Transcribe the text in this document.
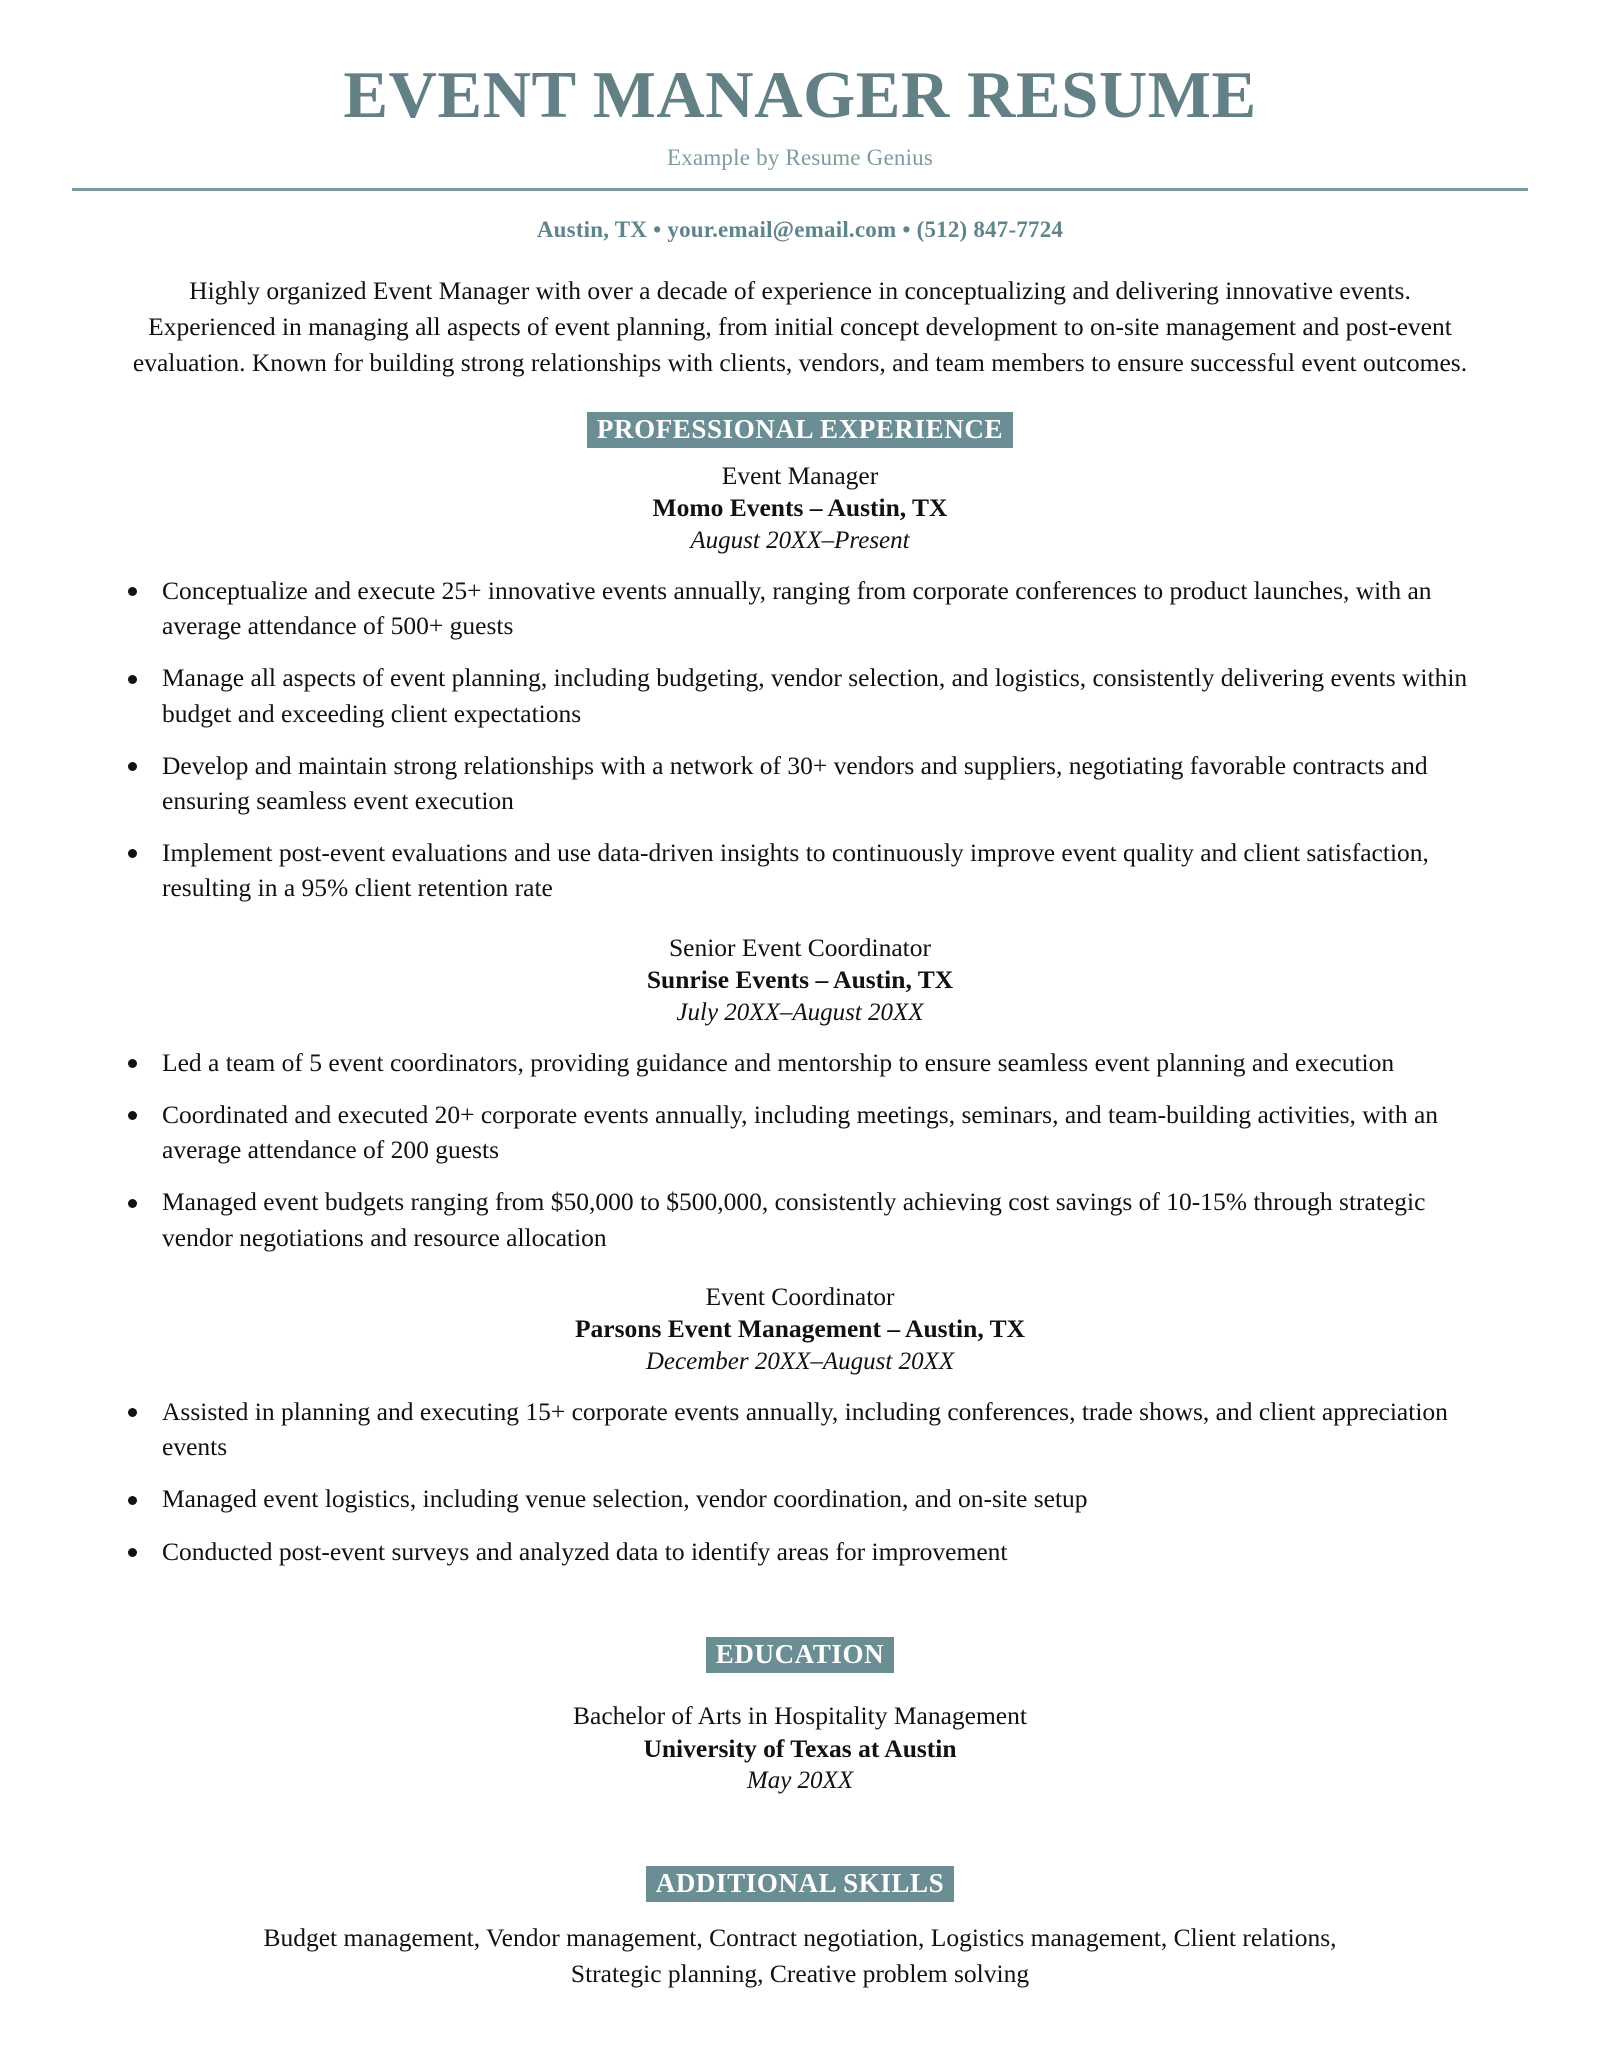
EVENT MANAGER RESUME
Example by Resume Genius
Austin, TX • your.email@email.com • (512) 847-7724
Highly organized Event Manager with over a decade of experience in conceptualizing and delivering innovative events. Experienced in managing all aspects of event planning, from initial concept development to on-site management and post-event evaluation. Known for building strong relationships with clients, vendors, and team members to ensure successful event outcomes.
PROFESSIONAL EXPERIENCE
Event Manager
Momo Events – Austin, TX
August 20XX–Present
Conceptualize and execute 25+ innovative events annually, ranging from corporate conferences to product launches, with an average attendance of 500+ guests
Manage all aspects of event planning, including budgeting, vendor selection, and logistics, consistently delivering events within budget and exceeding client expectations
Develop and maintain strong relationships with a network of 30+ vendors and suppliers, negotiating favorable contracts and ensuring seamless event execution
Implement post-event evaluations and use data-driven insights to continuously improve event quality and client satisfaction, resulting in a 95% client retention rate
Senior Event Coordinator
Sunrise Events – Austin, TX
July 20XX–August 20XX
Led a team of 5 event coordinators, providing guidance and mentorship to ensure seamless event planning and execution
Coordinated and executed 20+ corporate events annually, including meetings, seminars, and team-building activities, with an average attendance of 200 guests
Managed event budgets ranging from $50,000 to $500,000, consistently achieving cost savings of 10-15% through strategic vendor negotiations and resource allocation
Event Coordinator
Parsons Event Management – Austin, TX
December 20XX–August 20XX
Assisted in planning and executing 15+ corporate events annually, including conferences, trade shows, and client appreciation events
Managed event logistics, including venue selection, vendor coordination, and on-site setup
Conducted post-event surveys and analyzed data to identify areas for improvement
EDUCATION
Bachelor of Arts in Hospitality Management
University of Texas at Austin
May 20XX
ADDITIONAL SKILLS
Budget management, Vendor management, Contract negotiation, Logistics management, Client relations, Strategic planning, Creative problem solving
